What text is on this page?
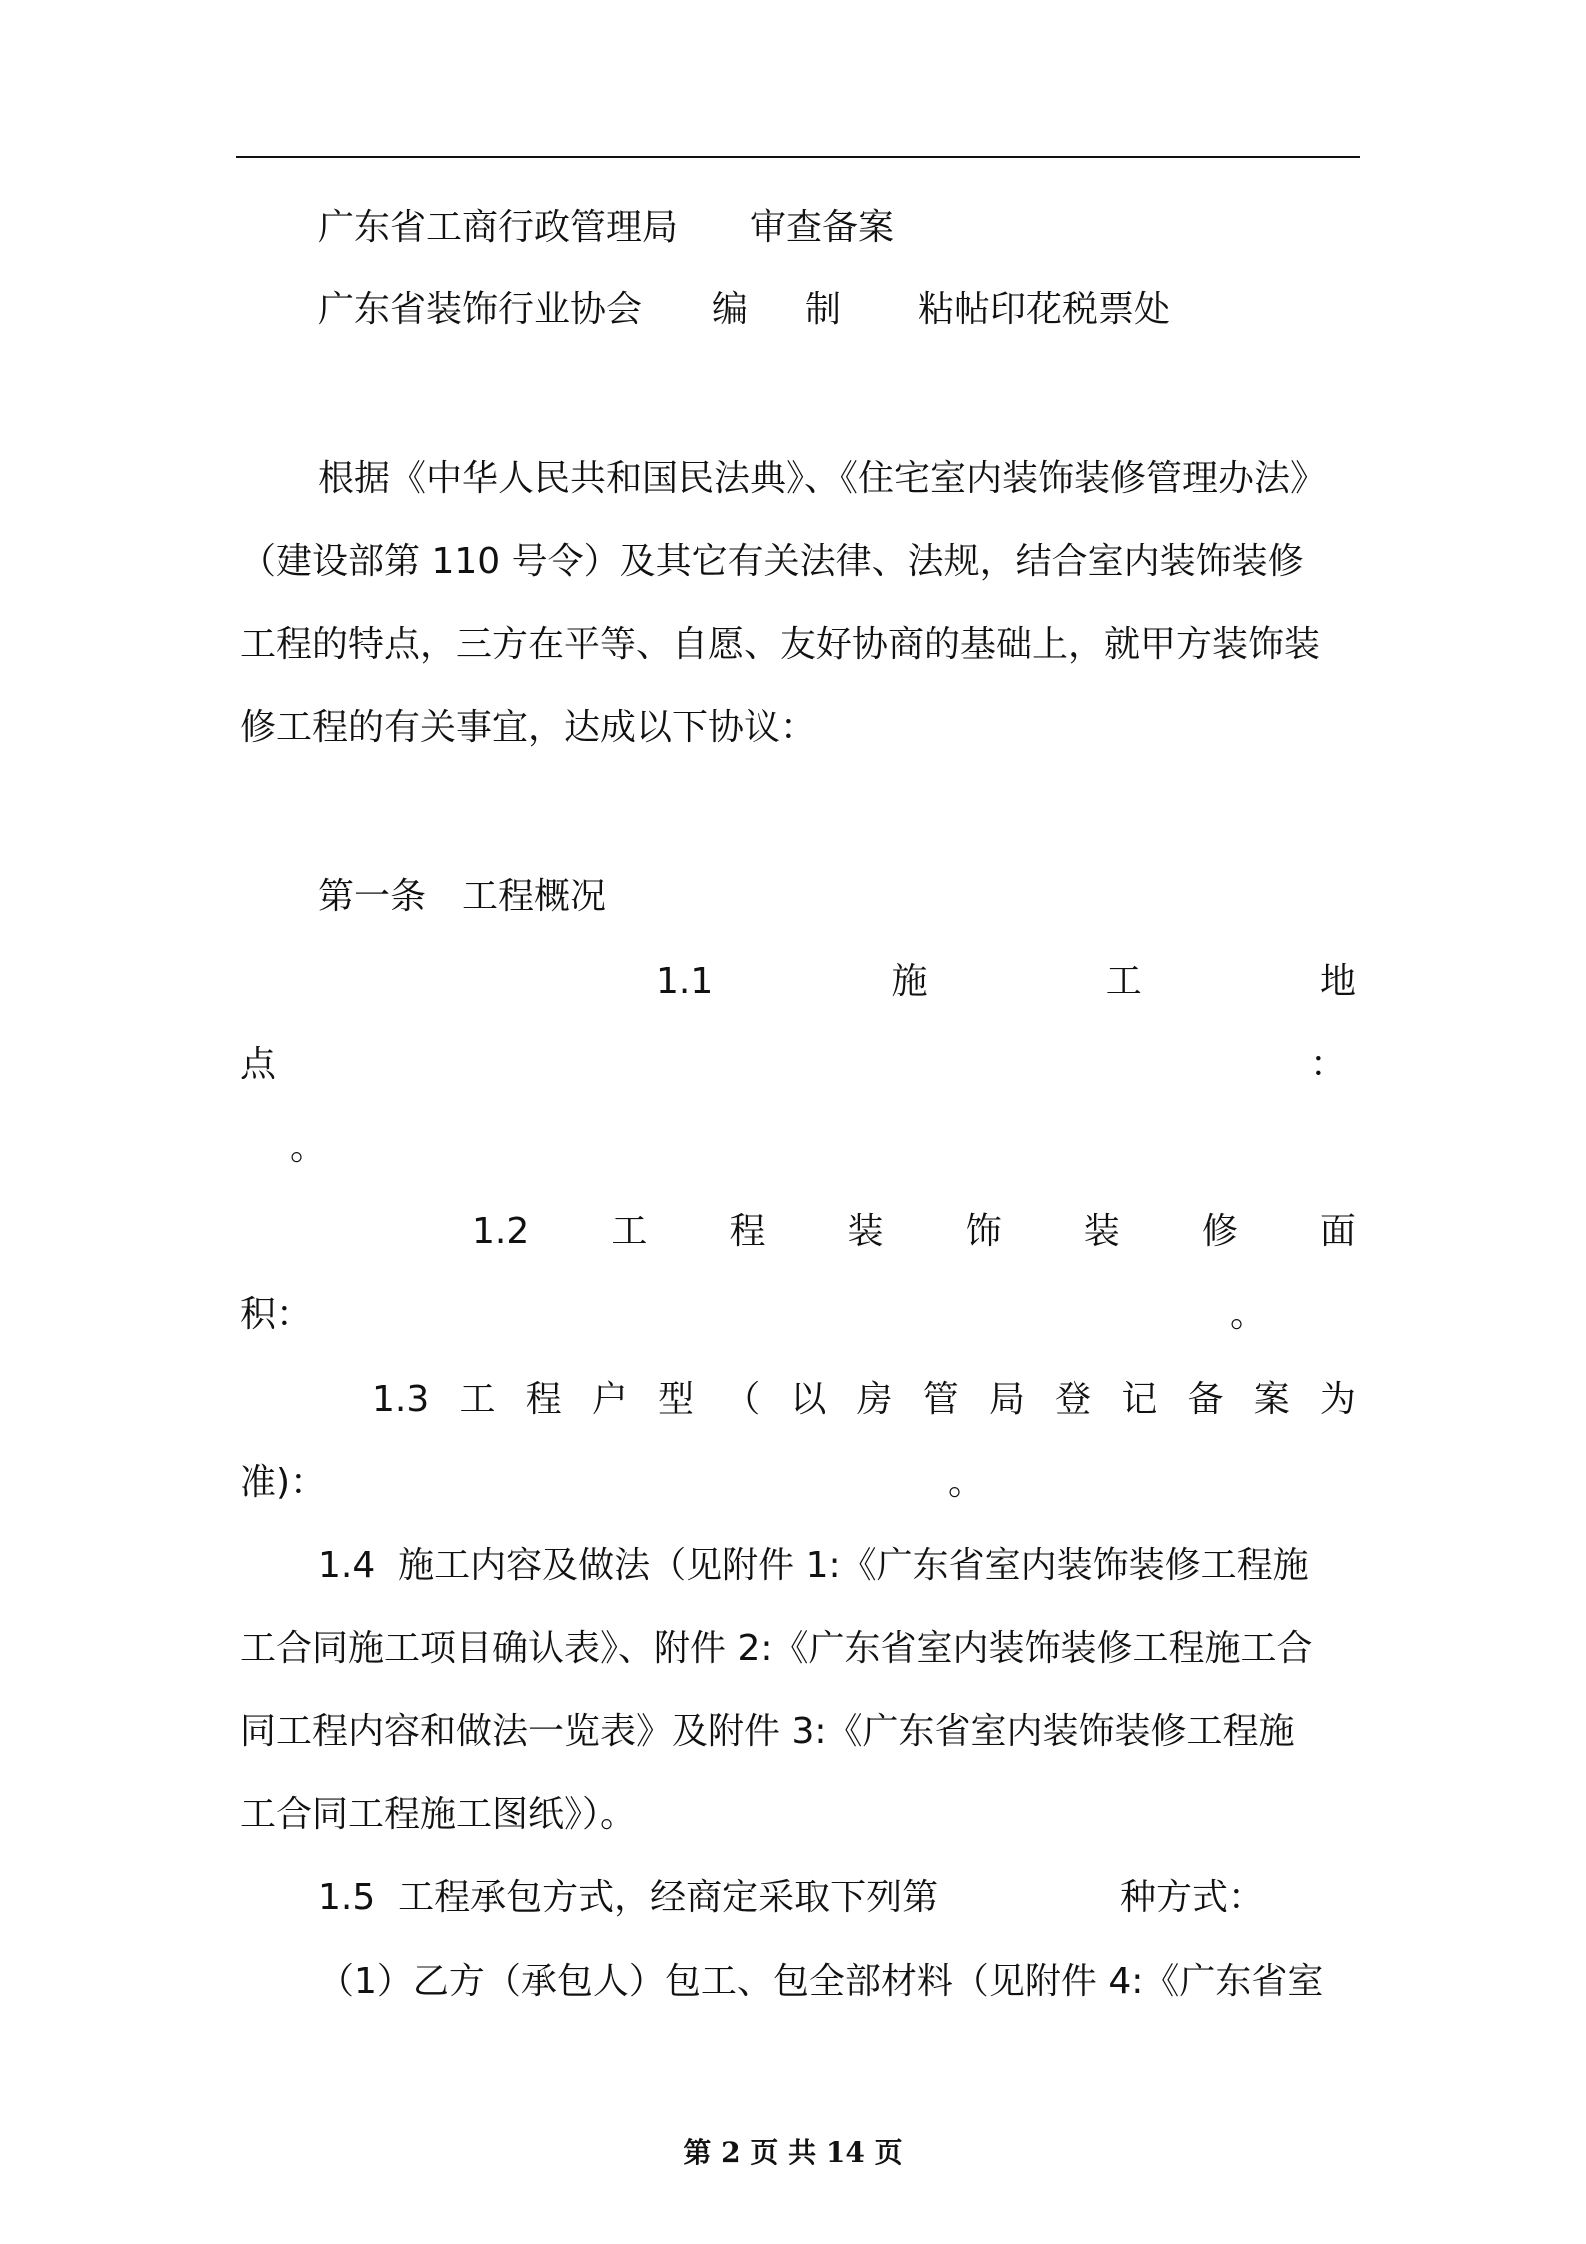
广东省工商行政管理局 审查备案
广东省装饰行业协会 编 制 粘帖印花税票处
根据《中华人民共和国民法典》、《住宅室内装饰装修管理办法》
（建设部第 110 号令）及其它有关法律、法规，结合室内装饰装修
工程的特点，三方在平等、自愿、友好协商的基础上，就甲方装饰装
修工程的有关事宜，达成以下协议：
第一条　工程概况
1.1	施	工	地
点	：
。
1.2 工 程 装 饰 装 修 面
积：	。
1.3 工 程 户 型 （ 以 房 管 局 登 记 备 案 为
准)：	。
1.4  施工内容及做法（见附件 1:《广东省室内装饰装修工程施
工合同施工项目确认表》、附件 2:《广东省室内装饰装修工程施工合
同工程内容和做法一览表》及附件 3:《广东省室内装饰装修工程施
工合同工程施工图纸》）。
1.5  工程承包方式，经商定采取下列第	种方式：
（1）乙方（承包人）包工、包全部材料（见附件 4:《广东省室
第 2 页 共 14 页
